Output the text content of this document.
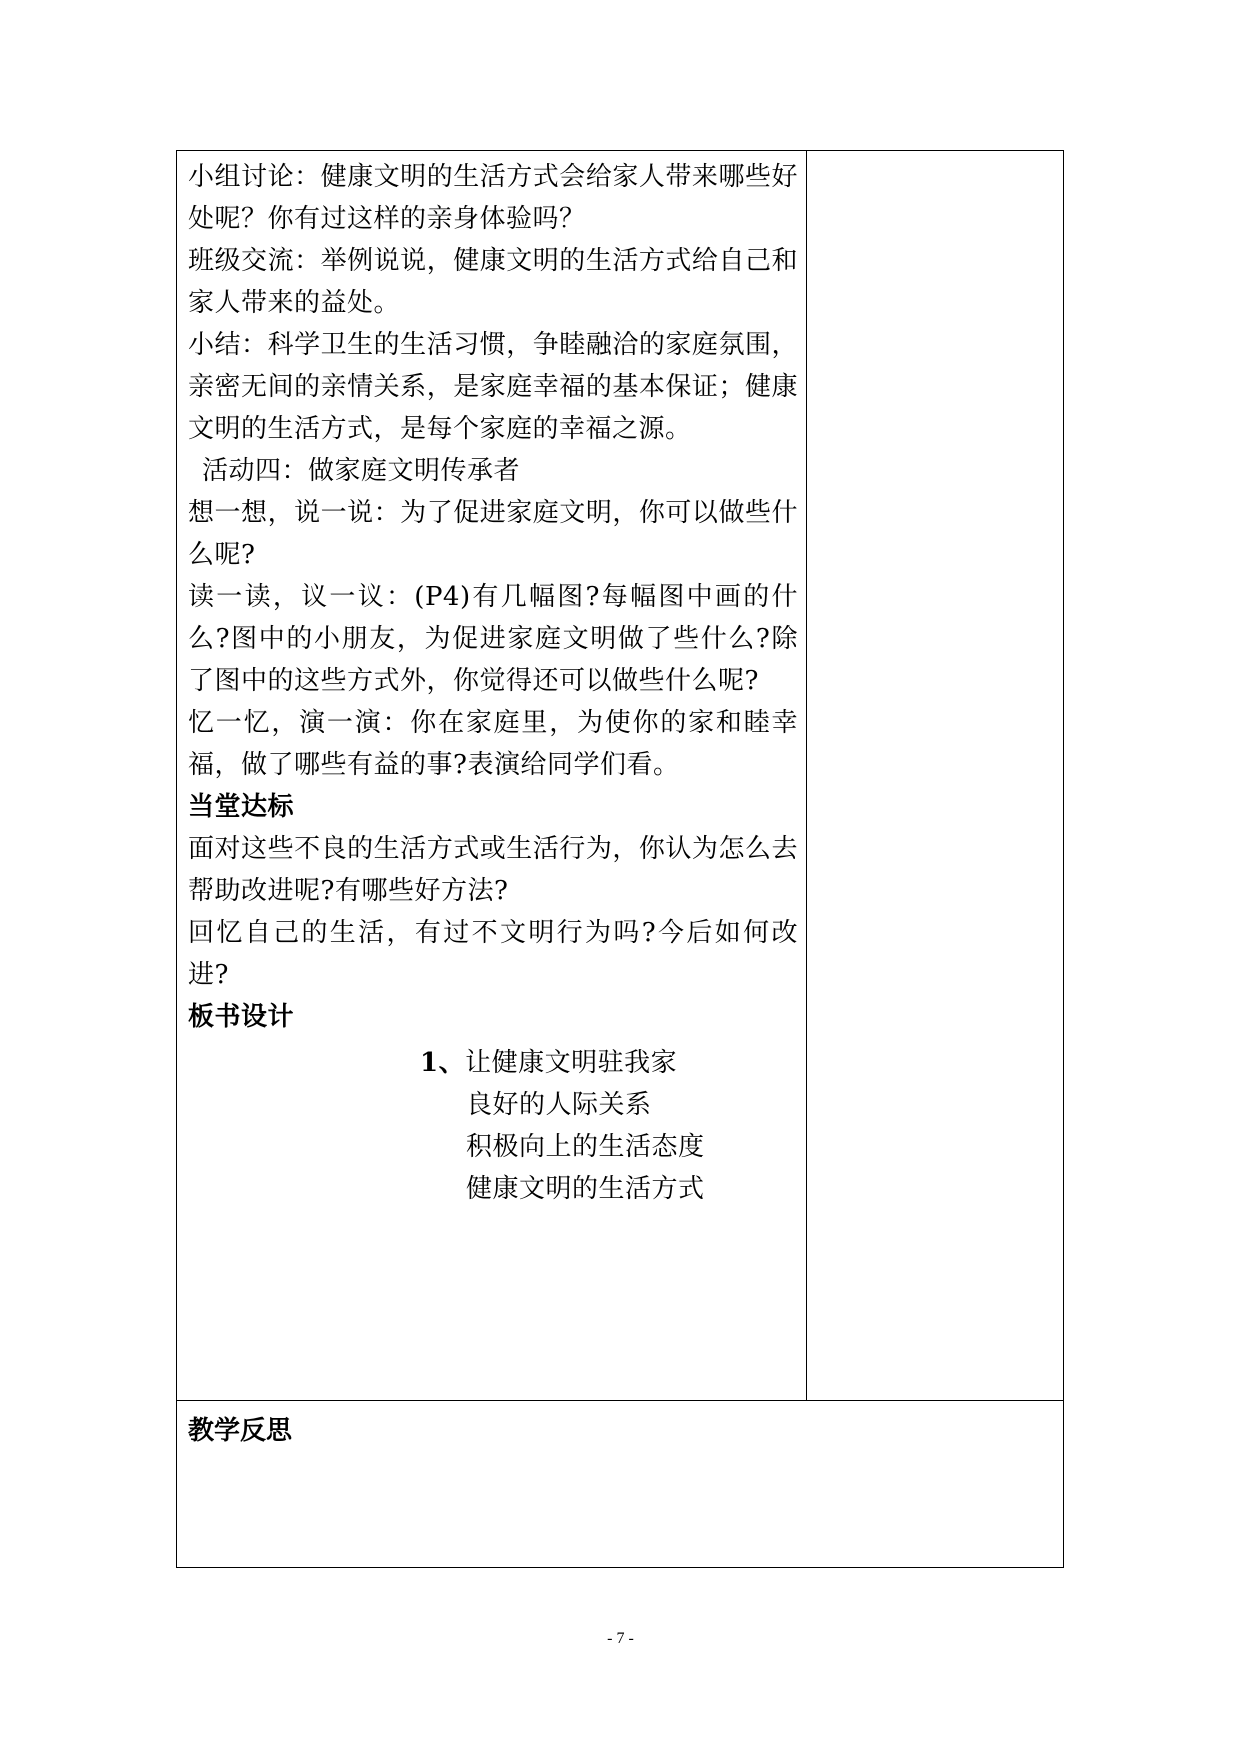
小组讨论：健康文明的生活方式会给家人带来哪些好处呢？你有过这样的亲身体验吗？

班级交流：举例说说，健康文明的生活方式给自己和家人带来的益处。

小结：科学卫生的生活习惯，争睦融洽的家庭氛围，亲密无间的亲情关系，是家庭幸福的基本保证；健康文明的生活方式，是每个家庭的幸福之源。

活动四：做家庭文明传承者

想一想，说一说：为了促进家庭文明，你可以做些什么呢?

读一读，议一议：(P4)有几幅图?每幅图中画的什么?图中的小朋友，为促进家庭文明做了些什么?除了图中的这些方式外，你觉得还可以做些什么呢?

忆一忆，演一演：你在家庭里，为使你的家和睦幸福，做了哪些有益的事?表演给同学们看。

当堂达标

面对这些不良的生活方式或生活行为，你认为怎么去帮助改进呢?有哪些好方法?

回忆自己的生活，有过不文明行为吗?今后如何改进?

板书设计

1、让健康文明驻我家

良好的人际关系

积极向上的生活态度

健康文明的生活方式

教学反思
- 7 -
